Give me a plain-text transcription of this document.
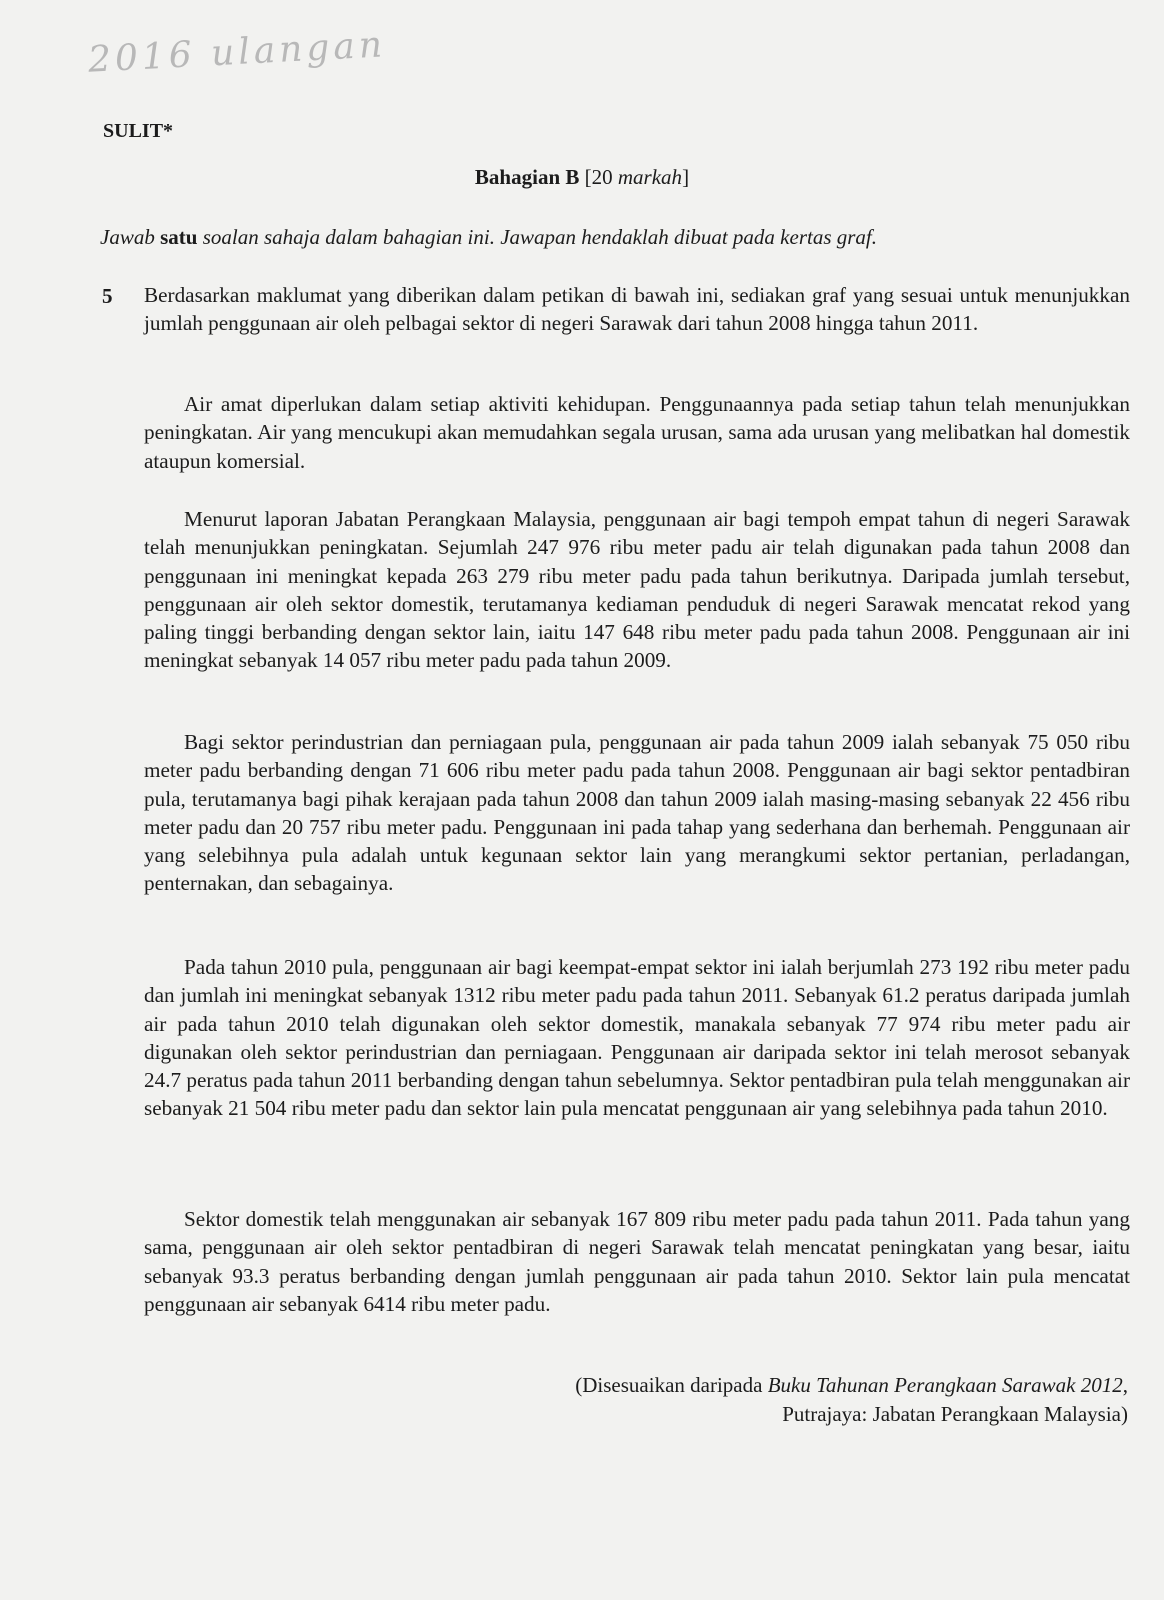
2016 ulangan
SULIT*
Bahagian B [20 markah]
Jawab satu soalan sahaja dalam bahagian ini. Jawapan hendaklah dibuat pada kertas graf.
5 Berdasarkan maklumat yang diberikan dalam petikan di bawah ini, sediakan graf yang sesuai untuk menunjukkan jumlah penggunaan air oleh pelbagai sektor di negeri Sarawak dari tahun 2008 hingga tahun 2011.
Air amat diperlukan dalam setiap aktiviti kehidupan. Penggunaannya pada setiap tahun telah menunjukkan peningkatan. Air yang mencukupi akan memudahkan segala urusan, sama ada urusan yang melibatkan hal domestik ataupun komersial.
Menurut laporan Jabatan Perangkaan Malaysia, penggunaan air bagi tempoh empat tahun di negeri Sarawak telah menunjukkan peningkatan. Sejumlah 247 976 ribu meter padu air telah digunakan pada tahun 2008 dan penggunaan ini meningkat kepada 263 279 ribu meter padu pada tahun berikutnya. Daripada jumlah tersebut, penggunaan air oleh sektor domestik, terutamanya kediaman penduduk di negeri Sarawak mencatat rekod yang paling tinggi berbanding dengan sektor lain, iaitu 147 648 ribu meter padu pada tahun 2008. Penggunaan air ini meningkat sebanyak 14 057 ribu meter padu pada tahun 2009.
Bagi sektor perindustrian dan perniagaan pula, penggunaan air pada tahun 2009 ialah sebanyak 75 050 ribu meter padu berbanding dengan 71 606 ribu meter padu pada tahun 2008. Penggunaan air bagi sektor pentadbiran pula, terutamanya bagi pihak kerajaan pada tahun 2008 dan tahun 2009 ialah masing-masing sebanyak 22 456 ribu meter padu dan 20 757 ribu meter padu. Penggunaan ini pada tahap yang sederhana dan berhemah. Penggunaan air yang selebihnya pula adalah untuk kegunaan sektor lain yang merangkumi sektor pertanian, perladangan, penternakan, dan sebagainya.
Pada tahun 2010 pula, penggunaan air bagi keempat-empat sektor ini ialah berjumlah 273 192 ribu meter padu dan jumlah ini meningkat sebanyak 1312 ribu meter padu pada tahun 2011. Sebanyak 61.2 peratus daripada jumlah air pada tahun 2010 telah digunakan oleh sektor domestik, manakala sebanyak 77 974 ribu meter padu air digunakan oleh sektor perindustrian dan perniagaan. Penggunaan air daripada sektor ini telah merosot sebanyak 24.7 peratus pada tahun 2011 berbanding dengan tahun sebelumnya. Sektor pentadbiran pula telah menggunakan air sebanyak 21 504 ribu meter padu dan sektor lain pula mencatat penggunaan air yang selebihnya pada tahun 2010.
Sektor domestik telah menggunakan air sebanyak 167 809 ribu meter padu pada tahun 2011. Pada tahun yang sama, penggunaan air oleh sektor pentadbiran di negeri Sarawak telah mencatat peningkatan yang besar, iaitu sebanyak 93.3 peratus berbanding dengan jumlah penggunaan air pada tahun 2010. Sektor lain pula mencatat penggunaan air sebanyak 6414 ribu meter padu.
(Disesuaikan daripada Buku Tahunan Perangkaan Sarawak 2012,
Putrajaya: Jabatan Perangkaan Malaysia)
